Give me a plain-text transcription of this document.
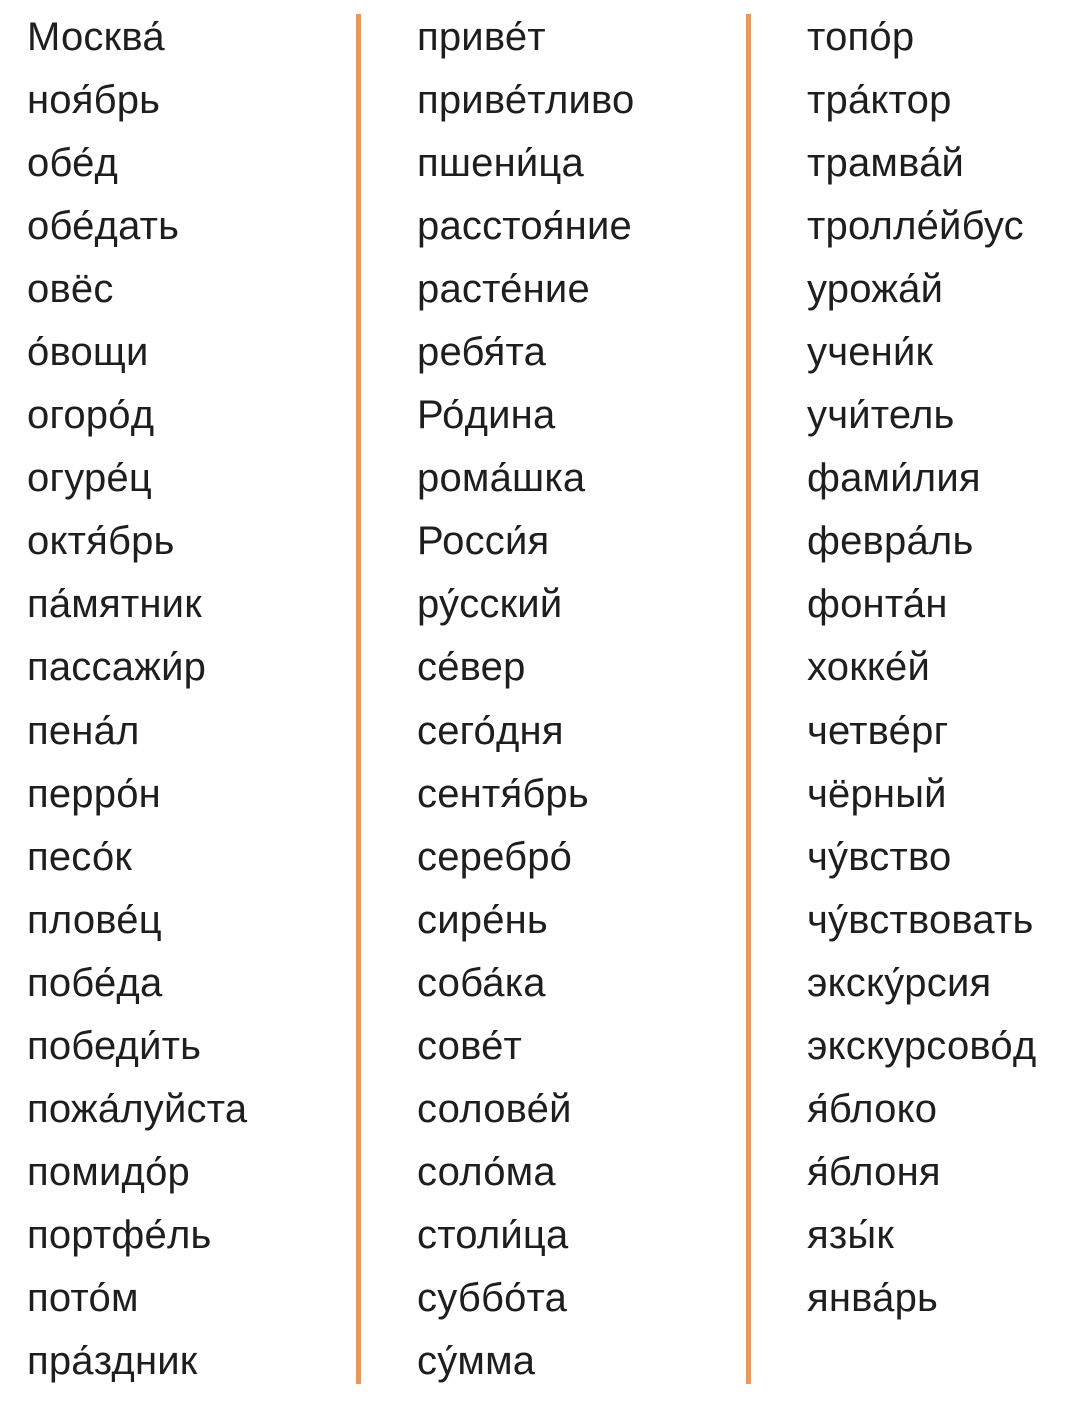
Москва́
ноя́брь
обе́д
обе́дать
овёс
о́вощи
огоро́д
огуре́ц
октя́брь
па́мятник
пассажи́р
пена́л
перро́н
песо́к
плове́ц
побе́да
победи́ть
пожа́луйста
помидо́р
портфе́ль
пото́м
пра́здник
приве́т
приве́тливо
пшени́ца
расстоя́ние
расте́ние
ребя́та
Ро́дина
рома́шка
Росси́я
ру́сский
се́вер
сего́дня
сентя́брь
серебро́
сире́нь
соба́ка
сове́т
солове́й
соло́ма
столи́ца
суббо́та
су́мма
топо́р
тра́ктор
трамва́й
тролле́йбус
урожа́й
учени́к
учи́тель
фами́лия
февра́ль
фонта́н
хокке́й
четве́рг
чёрный
чу́вство
чу́вствовать
экску́рсия
экскурсово́д
я́блоко
я́блоня
язы́к
янва́рь
